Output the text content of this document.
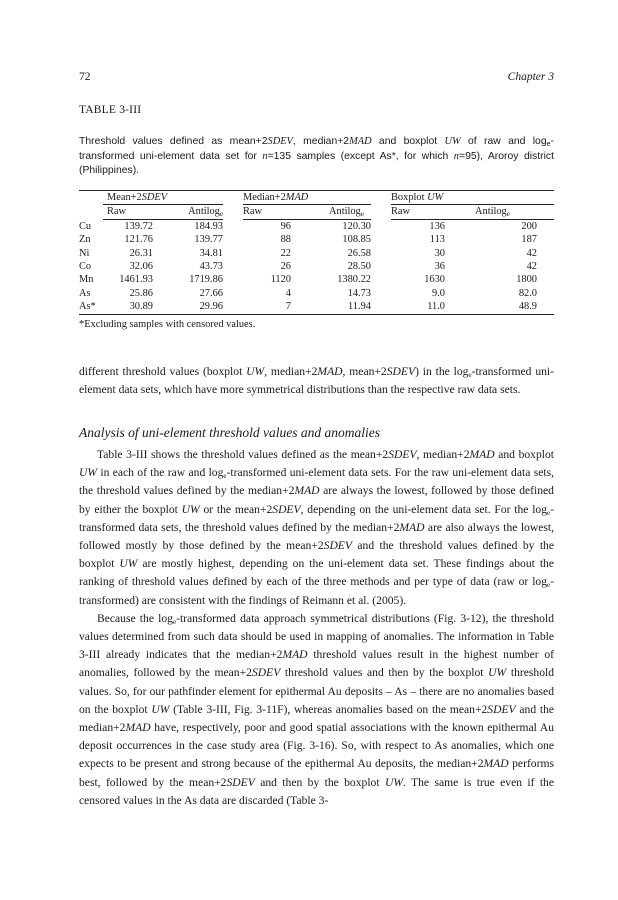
72	Chapter 3
TABLE 3-III
Threshold values defined as mean+2SDEV, median+2MAD and boxplot UW of raw and $\log_e$-transformed uni-element data set for n=135 samples (except As*, for which n=95), Aroroy district (Philippines).
	Mean+2SDEV			Median+2MAD			Boxplot UW		
	Raw	Antilog$_e$		Raw	Antilog$_e$		Raw	Antilog$_e$
Cu	139.72	184.93		96	120.30		136	200	
Zn	121.76	139.77		88	108.85		113	187	
Ni	26.31	34.81		22	26.58		30	42	
Co	32.06	43.73		26	28.50		36	42	
Mn	1461.93	1719.86		1120	1380.22		1630	1800	
As	25.86	27.66		4	14.73		9.0	82.0	
As*	30.89	29.96		7	11.94		11.0	48.9	
*Excluding samples with censored values.

different threshold values (boxplot UW, median+2MAD, mean+2SDEV) in the $\log_e$-transformed uni-element data sets, which have more symmetrical distributions than the respective raw data sets.

Analysis of uni-element threshold values and anomalies

Table 3-III shows the threshold values defined as the mean+2SDEV, median+2MAD and boxplot UW in each of the raw and $\log_e$-transformed uni-element data sets. For the raw uni-element data sets, the threshold values defined by the median+2MAD are always the lowest, followed by those defined by either the boxplot UW or the mean+2SDEV, depending on the uni-element data set. For the $\log_e$-transformed data sets, the threshold values defined by the median+2MAD are also always the lowest, followed mostly by those defined by the mean+2SDEV and the threshold values defined by the boxplot UW are mostly highest, depending on the uni-element data set. These findings about the ranking of threshold values defined by each of the three methods and per type of data (raw or $\log_e-transformed$) are consistent with the findings of Reimann et al. (2005).

Because the $\log_e$-transformed data approach symmetrical distributions (Fig. 3-12), the threshold values determined from such data should be used in mapping of anomalies. The information in Table 3-III already indicates that the median+2MAD threshold values result in the highest number of anomalies, followed by the mean+2SDEV threshold values and then by the boxplot UW threshold values. So, for our pathfinder element for epithermal Au deposits – As – there are no anomalies based on the boxplot UW (Table 3-III, Fig. 3-11F), whereas anomalies based on the mean+2SDEV and the median+2MAD have, respectively, poor and good spatial associations with the known epithermal Au deposit occurrences in the case study area (Fig. 3-16). So, with respect to As anomalies, which one expects to be present and strong because of the epithermal Au deposits, the median+2MAD performs best, followed by the mean+2SDEV and then by the boxplot UW. The same is true even if the censored values in the As data are discarded (Table 3-
